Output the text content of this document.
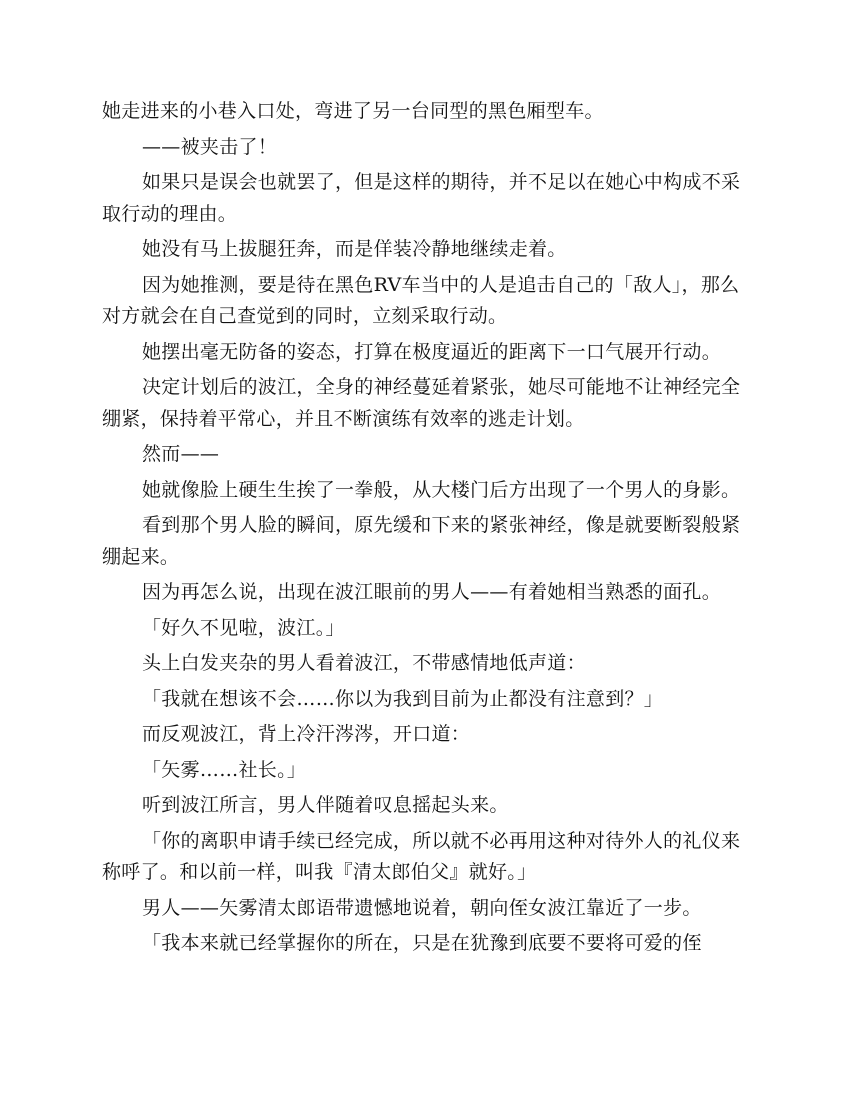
她走进来的小巷入口处，弯进了另一台同型的黑色厢型车。

——被夹击了！

如果只是误会也就罢了，但是这样的期待，并不足以在她心中构成不采取行动的理由。

她没有马上拔腿狂奔，而是佯装冷静地继续走着。

因为她推测，要是待在黑色RV车当中的人是追击自己的「敌人」，那么对方就会在自己查觉到的同时，立刻采取行动。

她摆出毫无防备的姿态，打算在极度逼近的距离下一口气展开行动。

决定计划后的波江，全身的神经蔓延着紧张，她尽可能地不让神经完全绷紧，保持着平常心，并且不断演练有效率的逃走计划。

然而——

她就像脸上硬生生挨了一拳般，从大楼门后方出现了一个男人的身影。

看到那个男人脸的瞬间，原先缓和下来的紧张神经，像是就要断裂般紧绷起来。

因为再怎么说，出现在波江眼前的男人——有着她相当熟悉的面孔。

「好久不见啦，波江。」

头上白发夹杂的男人看着波江，不带感情地低声道：

「我就在想该不会……你以为我到目前为止都没有注意到？」

而反观波江，背上冷汗涔涔，开口道：

「矢雾……社长。」

听到波江所言，男人伴随着叹息摇起头来。

「你的离职申请手续已经完成，所以就不必再用这种对待外人的礼仪来称呼了。和以前一样，叫我『清太郎伯父』就好。」

男人——矢雾清太郎语带遗憾地说着，朝向侄女波江靠近了一步。

「我本来就已经掌握你的所在，只是在犹豫到底要不要将可爱的侄
